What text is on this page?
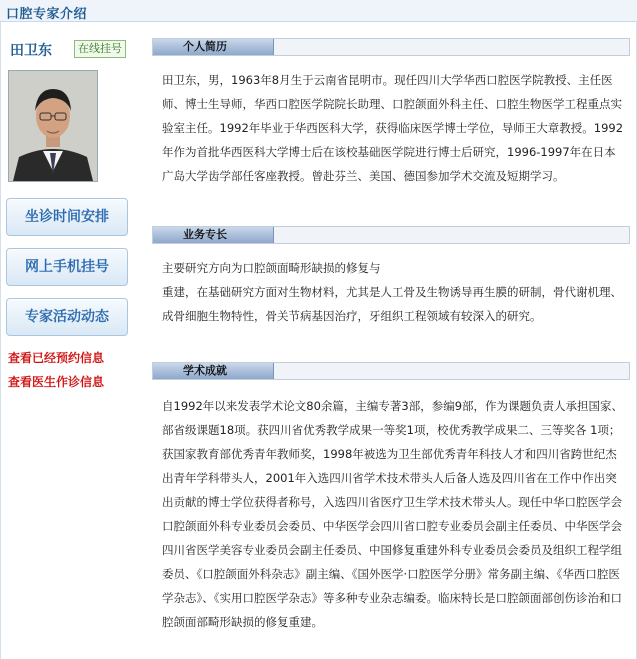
口腔专家介绍
田卫东	在线挂号
坐诊时间安排
网上手机挂号
专家活动动态
查看已经预约信息
查看医生作诊信息
个人简历

田卫东，男，1963年8月生于云南省昆明市。现任四川大学华西口腔医学院教授、主任医师、博士生导师，华西口腔医学院院长助理、口腔颌面外科主任、口腔生物医学工程重点实验室主任。1992年毕业于华西医科大学，获得临床医学博士学位，导师王大章教授。1992年作为首批华西医科大学博士后在该校基础医学院进行博士后研究，1996-1997年在日本广岛大学齿学部任客座教授。曾赴芬兰、美国、德国参加学术交流及短期学习。

业务专长

主要研究方向为口腔颌面畸形缺损的修复与

重建，在基础研究方面对生物材料，尤其是人工骨及生物诱导再生膜的研制，骨代谢机理、成骨细胞生物特性，骨关节病基因治疗，牙组织工程领域有较深入的研究。

学术成就

自1992年以来发表学术论文80余篇，主编专著3部，参编9部，作为课题负责人承担国家、部省级课题18项。获四川省优秀教学成果一等奖1项，校优秀教学成果二、三等奖各 1项；获国家教育部优秀青年教师奖，1998年被选为卫生部优秀青年科技人才和四川省跨世纪杰出青年学科带头人，2001年入选四川省学术技术带头人后备人选及四川省在工作中作出突出贡献的博士学位获得者称号，入选四川省医疗卫生学术技术带头人。现任中华口腔医学会口腔颌面外科专业委员会委员、中华医学会四川省口腔专业委员会副主任委员、中华医学会四川省医学美容专业委员会副主任委员、中国修复重建外科专业委员会委员及组织工程学组委员、《口腔颌面外科杂志》副主编、《国外医学·口腔医学分册》常务副主编、《华西口腔医学杂志》、《实用口腔医学杂志》等多种专业杂志编委。临床特长是口腔颌面部创伤诊治和口腔颌面部畸形缺损的修复重建。
